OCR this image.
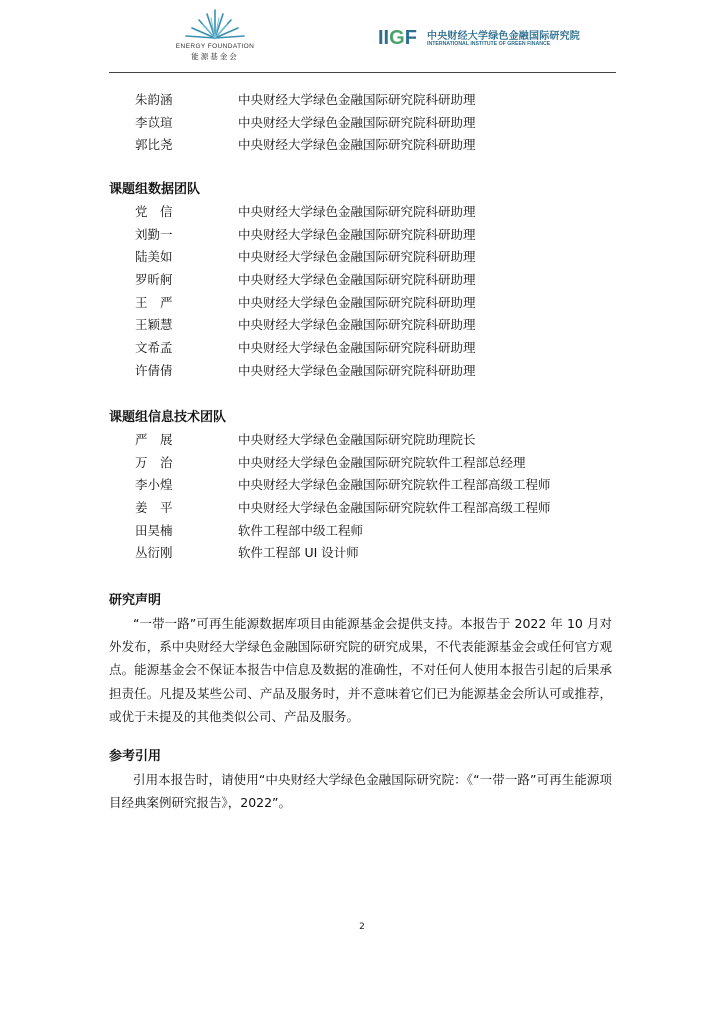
ENERGY FOUNDATION
能源基金会
IIGF 中央财经大学绿色金融国际研究院
INTERNATIONAL INSTITUTE OF GREEN FINANCE
朱韵涵	中央财经大学绿色金融国际研究院科研助理
李苡瑄	中央财经大学绿色金融国际研究院科研助理
郭比尧	中央财经大学绿色金融国际研究院科研助理
课题组数据团队
党　信	中央财经大学绿色金融国际研究院科研助理
刘勤一	中央财经大学绿色金融国际研究院科研助理
陆美如	中央财经大学绿色金融国际研究院科研助理
罗昕舸	中央财经大学绿色金融国际研究院科研助理
王　严	中央财经大学绿色金融国际研究院科研助理
王颖慧	中央财经大学绿色金融国际研究院科研助理
文希孟	中央财经大学绿色金融国际研究院科研助理
许倩倩	中央财经大学绿色金融国际研究院科研助理
课题组信息技术团队
严　展	中央财经大学绿色金融国际研究院助理院长
万　治	中央财经大学绿色金融国际研究院软件工程部总经理
李小煌	中央财经大学绿色金融国际研究院软件工程部高级工程师
姜　平	中央财经大学绿色金融国际研究院软件工程部高级工程师
田昊楠	软件工程部中级工程师
丛衍刚	软件工程部 UI 设计师
研究声明

“一带一路”可再生能源数据库项目由能源基金会提供支持。本报告于 2022 年 10 月对外发布，系中央财经大学绿色金融国际研究院的研究成果，不代表能源基金会或任何官方观点。能源基金会不保证本报告中信息及数据的准确性，不对任何人使用本报告引起的后果承担责任。凡提及某些公司、产品及服务时，并不意味着它们已为能源基金会所认可或推荐，或优于未提及的其他类似公司、产品及服务。

参考引用

引用本报告时，请使用“中央财经大学绿色金融国际研究院：《“一带一路”可再生能源项目经典案例研究报告》，2022”。

2
